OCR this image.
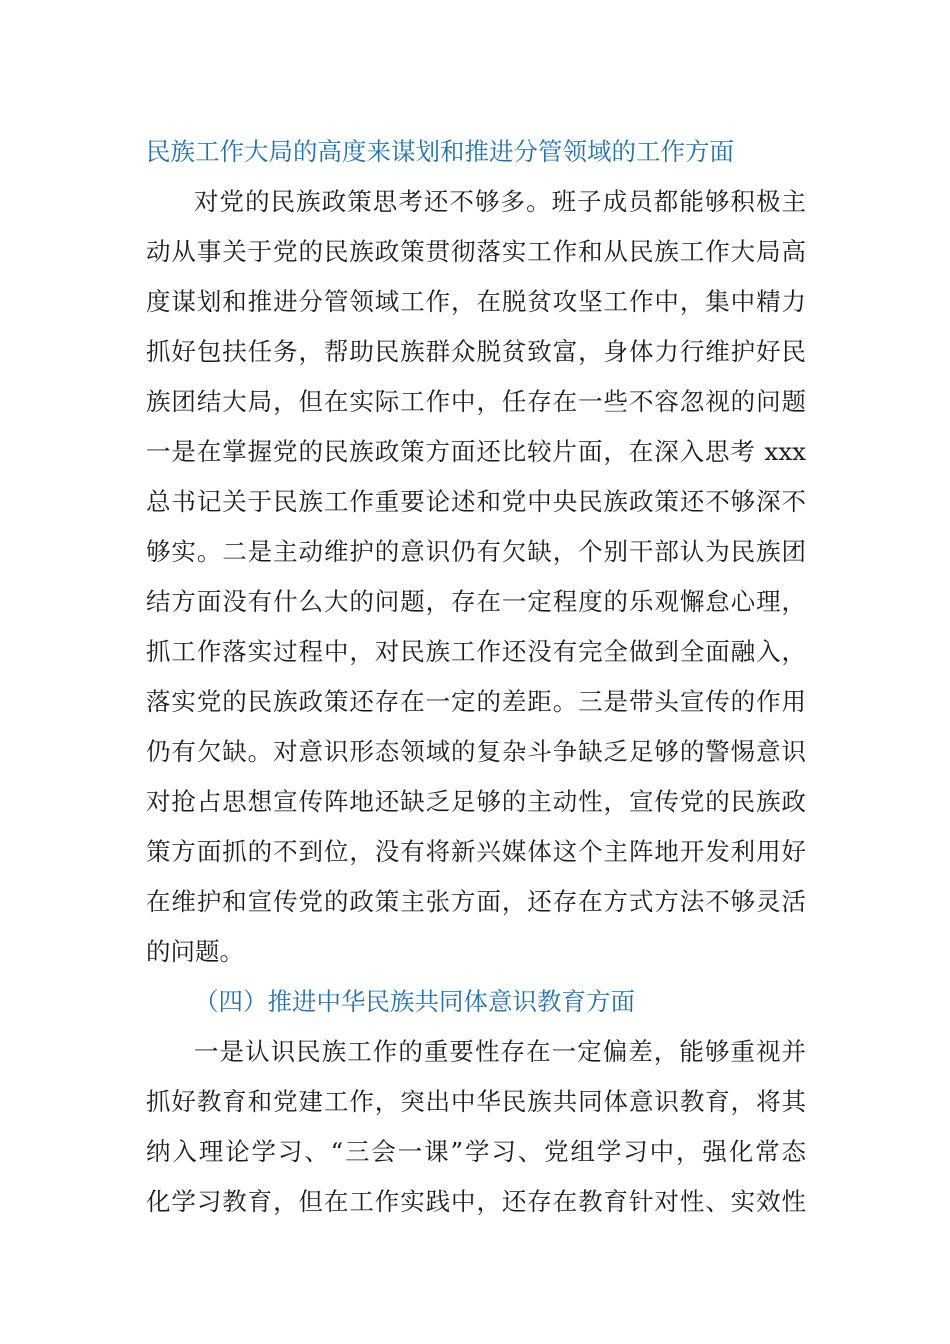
民族工作大局的高度来谋划和推进分管领域的工作方面
对党的民族政策思考还不够多。班子成员都能够积极主
动从事关于党的民族政策贯彻落实工作和从民族工作大局高
度谋划和推进分管领域工作，在脱贫攻坚工作中，集中精力
抓好包扶任务，帮助民族群众脱贫致富，身体力行维护好民
族团结大局，但在实际工作中，任存在一些不容忽视的问题
一是在掌握党的民族政策方面还比较片面，在深入思考 xxx
总书记关于民族工作重要论述和党中央民族政策还不够深不
够实。二是主动维护的意识仍有欠缺，个别干部认为民族团
结方面没有什么大的问题，存在一定程度的乐观懈怠心理，
抓工作落实过程中，对民族工作还没有完全做到全面融入，
落实党的民族政策还存在一定的差距。三是带头宣传的作用
仍有欠缺。对意识形态领域的复杂斗争缺乏足够的警惕意识
对抢占思想宣传阵地还缺乏足够的主动性，宣传党的民族政
策方面抓的不到位，没有将新兴媒体这个主阵地开发利用好
在维护和宣传党的政策主张方面，还存在方式方法不够灵活
的问题。
（四）推进中华民族共同体意识教育方面
一是认识民族工作的重要性存在一定偏差，能够重视并
抓好教育和党建工作，突出中华民族共同体意识教育，将其
纳入理论学习、“三会一课”学习、党组学习中，强化常态
化学习教育，但在工作实践中，还存在教育针对性、实效性
